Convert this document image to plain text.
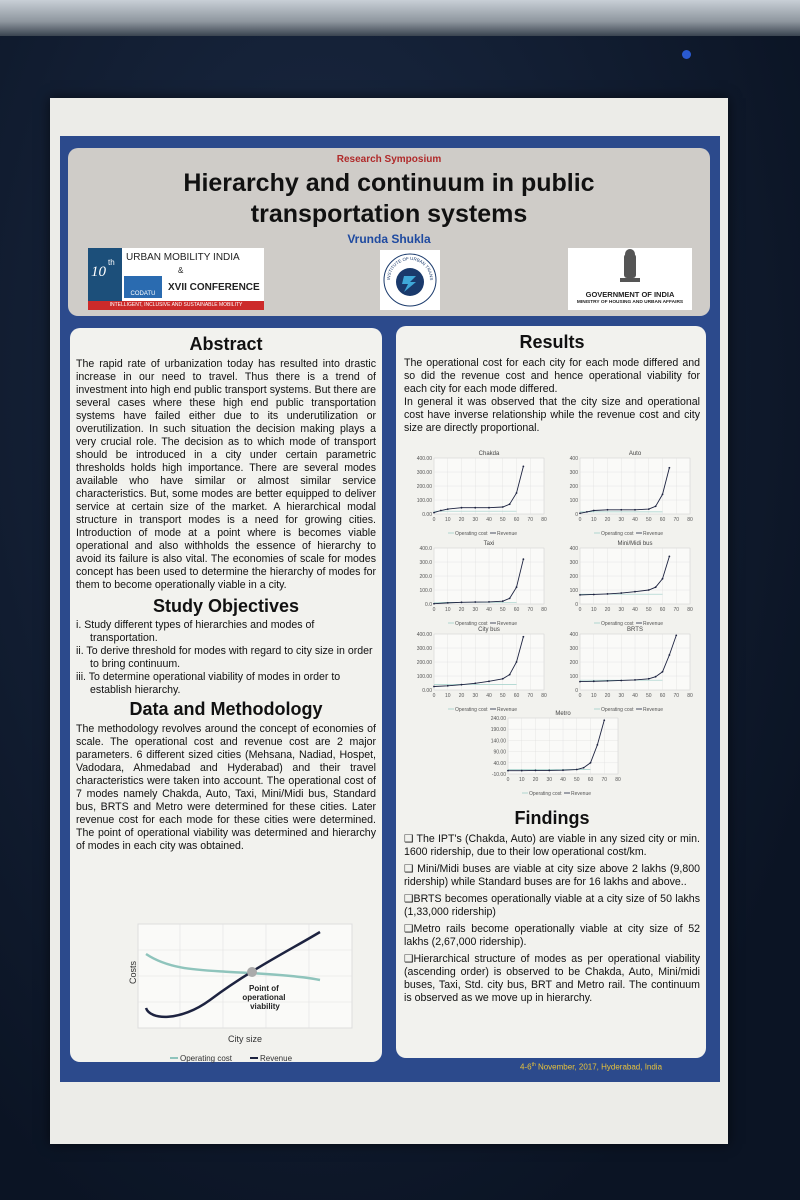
Research Symposium
Hierarchy and continuum in public
transportation systems
Vrunda Shukla
10
th URBAN MOBILITY INDIA
&
CODATU
XVII CONFERENCE
INTELLIGENT, INCLUSIVE AND SUSTAINABLE MOBILITY
INSTITUTE OF URBAN TRANS
GOVERNMENT OF INDIA
MINISTRY OF HOUSING AND URBAN AFFAIRS
Abstract

The rapid rate of urbanization today has resulted into drastic increase in our need to travel. Thus there is a trend of investment into high end public transport systems. But there are several cases where these high end public transportation systems have failed either due to its underutilization or overutilization. In such situation the decision making plays a very crucial role. The decision as to which mode of transport should be introduced in a city under certain parametric thresholds holds high importance. There are several modes available who have similar or almost similar service characteristics. But, some modes are better equipped to deliver service at certain size of the market. A hierarchical modal structure in transport modes is a need for growing cities. Introduction of mode at a point where is becomes viable operational and also withholds the essence of hierarchy to avoid its failure is also vital. The economies of scale for modes concept has been used to determine the hierarchy of modes for them to become operationally viable in a city.

Study Objectives
i. Study different types of hierarchies and modes of transportation.
ii. To derive threshold for modes with regard to city size in order to bring continuum.
iii. To determine operational viability of modes in order to establish hierarchy.
Data and Methodology

The methodology revolves around the concept of economies of scale. The operational cost and revenue cost are 2 major parameters. 6 different sized cities (Mehsana, Nadiad, Hospet, Vadodara, Ahmedabad and Hyderabad) and their travel characteristics were taken into account. The operational cost of 7 modes namely Chakda, Auto, Taxi, Mini/Midi bus, Standard bus, BRTS and Metro were determined for these cities. Later revenue cost for each mode for these cities were determined. The point of operational viability was determined and hierarchy of modes in each city was obtained.

Point of operational viability
Costs
City size
Operating cost	Revenue
Results

The operational cost for each city for each mode differed and so did the revenue cost and hence operational viability for each city for each mode differed.

In general it was observed that the city size and operational cost have inverse relationship while the revenue cost and city size are directly proportional.

Chakda
0 10 20 30 40 50 60 70 80
400.00
300.00
200.00
100.00
0.00
Operating cost Revenue
Auto
0 10 20 30 40 50 60 70 80
400
300
200
100
0
Operating cost Revenue
Taxi
0 10 20 30 40 50 60 70 80
400.0
300.0
200.0
100.0
0.0
Operating cost Revenue
Mini/Midi bus
0 10 20 30 40 50 60 70 80
400
300
200
100
0
Operating cost Revenue
City bus
0 10 20 30 40 50 60 70 80
400.00
300.00
200.00
100.00
0.00
Operating cost Revenue
BRTS
0 10 20 30 40 50 60 70 80
400
300
200
100
0
Operating cost Revenue
Metro
0 10 20 30 40 50 60 70 80
240.00
190.00
140.00
90.00
40.00
-10.00
Operating cost Revenue
Findings

❑ The IPT's (Chakda, Auto) are viable in any sized city or min. 1600 ridership, due to their low operational cost/km.

❑ Mini/Midi buses are viable at city size above 2 lakhs (9,800 ridership) while Standard buses are for 16 lakhs and above..

❑BRTS becomes operationally viable at a city size of 50 lakhs (1,33,000 ridership)

❑Metro rails become operationally viable at city size of 52 lakhs (2,67,000 ridership).

❑Hierarchical structure of modes as per operational viability (ascending order) is observed to be Chakda, Auto, Mini/midi buses, Taxi, Std. city bus, BRT and Metro rail. The continuum is observed as we move up in hierarchy.

4-6th November, 2017, Hyderabad, India
